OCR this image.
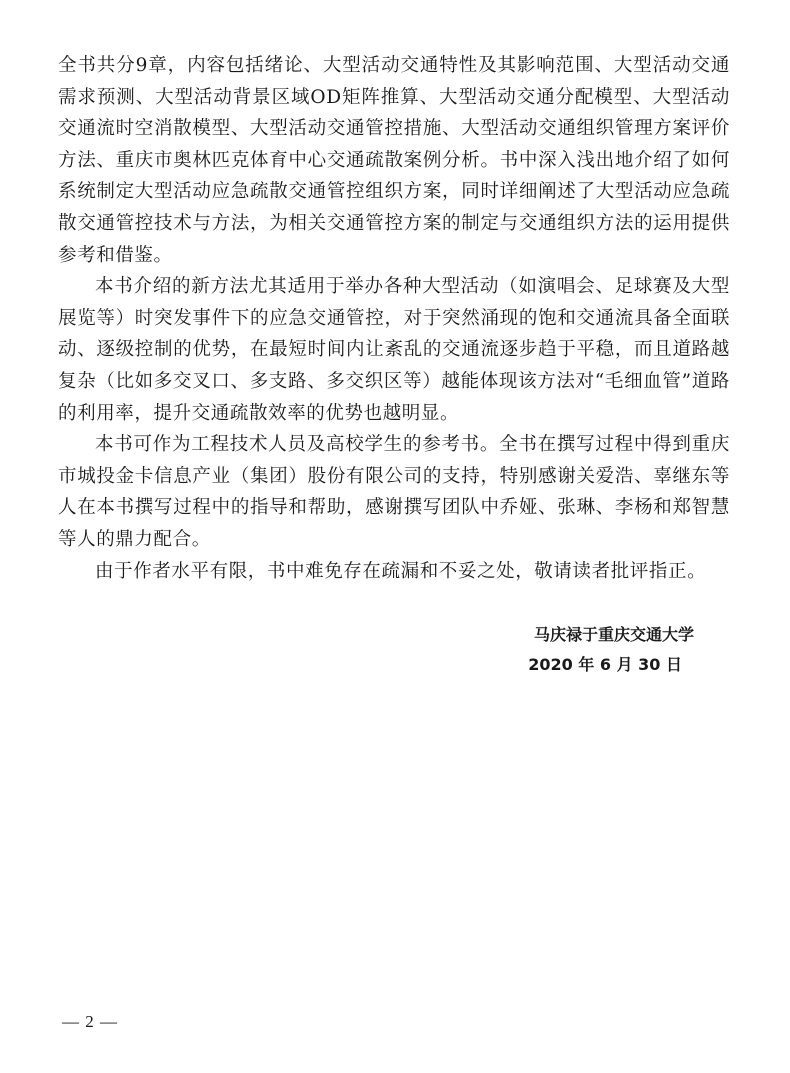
全书共分9章，内容包括绪论、大型活动交通特性及其影响范围、大型活动交通需求预测、大型活动背景区域OD矩阵推算、大型活动交通分配模型、大型活动交通流时空消散模型、大型活动交通管控措施、大型活动交通组织管理方案评价方法、重庆市奥林匹克体育中心交通疏散案例分析。书中深入浅出地介绍了如何系统制定大型活动应急疏散交通管控组织方案，同时详细阐述了大型活动应急疏散交通管控技术与方法，为相关交通管控方案的制定与交通组织方法的运用提供参考和借鉴。

本书介绍的新方法尤其适用于举办各种大型活动（如演唱会、足球赛及大型展览等）时突发事件下的应急交通管控，对于突然涌现的饱和交通流具备全面联动、逐级控制的优势，在最短时间内让紊乱的交通流逐步趋于平稳，而且道路越复杂（比如多交叉口、多支路、多交织区等）越能体现该方法对“毛细血管”道路的利用率，提升交通疏散效率的优势也越明显。

本书可作为工程技术人员及高校学生的参考书。全书在撰写过程中得到重庆市城投金卡信息产业（集团）股份有限公司的支持，特别感谢关爱浩、辜继东等人在本书撰写过程中的指导和帮助，感谢撰写团队中乔娅、张琳、李杨和郑智慧等人的鼎力配合。

由于作者水平有限，书中难免存在疏漏和不妥之处，敬请读者批评指正。

马庆禄于重庆交通大学
2020 年 6 月 30 日
— 2 —
